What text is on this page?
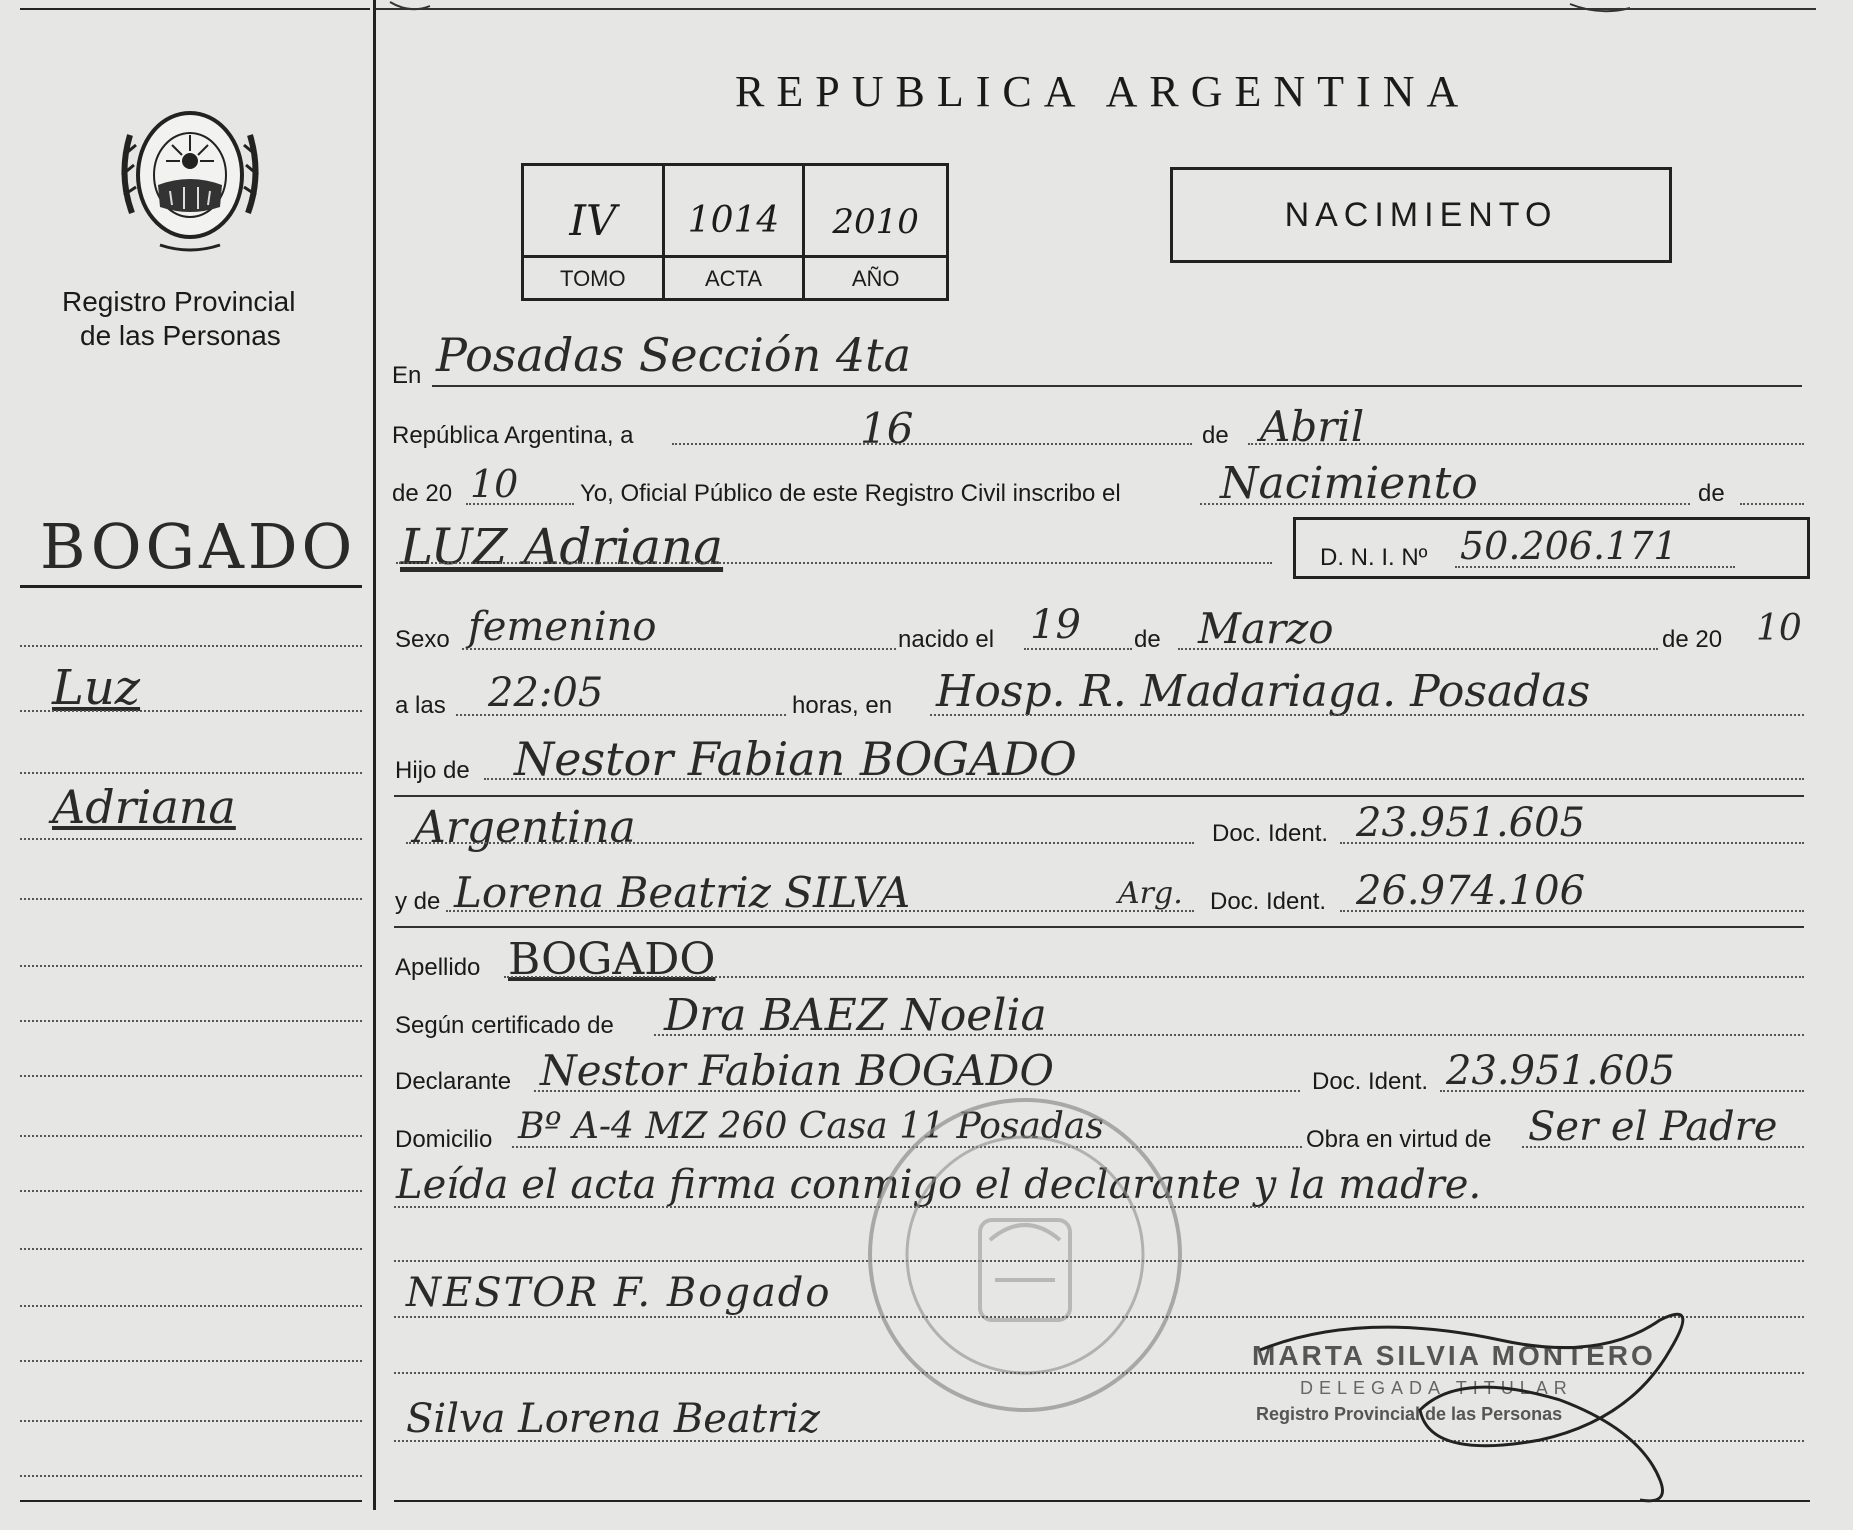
Registro Provincial
de las Personas
BOGADO
Luz
Adriana
REPUBLICA ARGENTINA
NACIMIENTO
IV	1014	2010
TOMO	ACTA	AÑO
En Posadas Sección 4ta
República Argentina, a	16	de Abril
de 20 10	Yo, Oficial Público de este Registro Civil inscribo el Nacimiento	de
LUZ Adriana	D. N. I. Nº 50.206.171
Sexo femenino	nacido el 19 de Marzo	de 20 10
a las 22:05	horas, en Hosp. R. Madariaga. Posadas
Hijo de Nestor Fabian BOGADO
Argentina	Doc. Ident. 23.951.605
y de Lorena Beatriz SILVA	Arg. Doc. Ident. 26.974.106
Apellido BOGADO
Según certificado de Dra BAEZ Noelia
Declarante Nestor Fabian BOGADO	Doc. Ident. 23.951.605
Domicilio Bº A-4 MZ 260 Casa 11 Posadas	Obra en virtud de Ser el Padre
Leída el acta firma conmigo el declarante y la madre.
NESTOR F. Bogado
Silva Lorena Beatriz
MARTA SILVIA MONTERO
DELEGADA TITULAR
Registro Provincial de las Personas
